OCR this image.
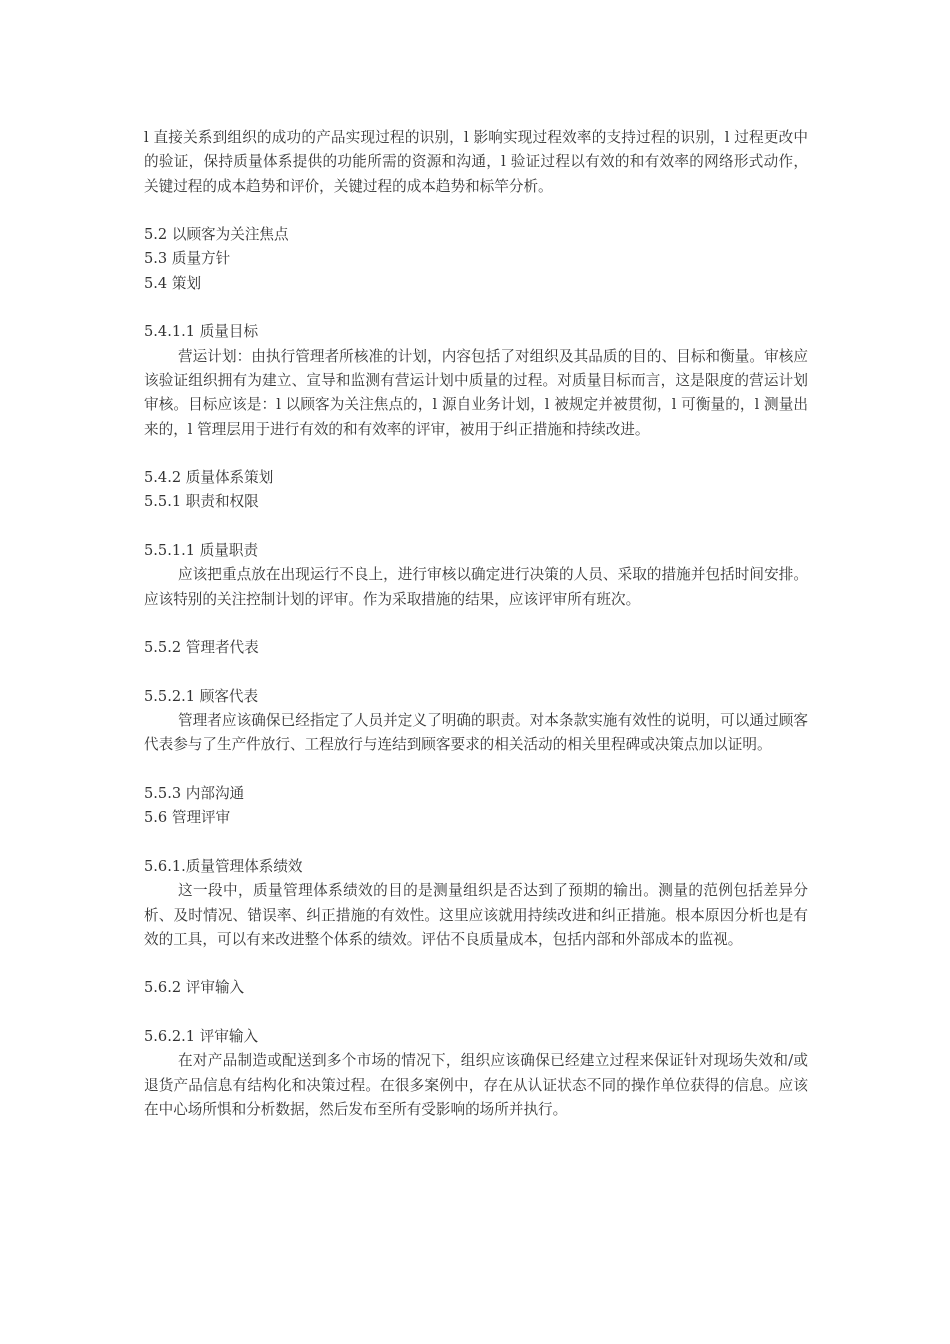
l 直接关系到组织的成功的产品实现过程的识别，l 影响实现过程效率的支持过程的识别，l 过程更改中的验证，保持质量体系提供的功能所需的资源和沟通，l 验证过程以有效的和有效率的网络形式动作，关键过程的成本趋势和评价，关键过程的成本趋势和标竿分析。

5.2 以顾客为关注焦点

5.3 质量方针

5.4 策划

5.4.1.1 质量目标

营运计划：由执行管理者所核准的计划，内容包括了对组织及其品质的目的、目标和衡量。审核应该验证组织拥有为建立、宣导和监测有营运计划中质量的过程。对质量目标而言，这是限度的营运计划审核。目标应该是：l 以顾客为关注焦点的，l 源自业务计划，l 被规定并被贯彻，l 可衡量的，l 测量出来的，l 管理层用于进行有效的和有效率的评审，被用于纠正措施和持续改进。

5.4.2 质量体系策划

5.5.1 职责和权限

5.5.1.1 质量职责

应该把重点放在出现运行不良上，进行审核以确定进行决策的人员、采取的措施并包括时间安排。应该特别的关注控制计划的评审。作为采取措施的结果，应该评审所有班次。

5.5.2 管理者代表

5.5.2.1 顾客代表

管理者应该确保已经指定了人员并定义了明确的职责。对本条款实施有效性的说明，可以通过顾客代表参与了生产件放行、工程放行与连结到顾客要求的相关活动的相关里程碑或决策点加以证明。

5.5.3 内部沟通

5.6 管理评审

5.6.1.质量管理体系绩效

这一段中，质量管理体系绩效的目的是测量组织是否达到了预期的输出。测量的范例包括差异分析、及时情况、错误率、纠正措施的有效性。这里应该就用持续改进和纠正措施。根本原因分析也是有效的工具，可以有来改进整个体系的绩效。评估不良质量成本，包括内部和外部成本的监视。

5.6.2 评审输入

5.6.2.1 评审输入

在对产品制造或配送到多个市场的情况下，组织应该确保已经建立过程来保证针对现场失效和/或退货产品信息有结构化和决策过程。在很多案例中，存在从认证状态不同的操作单位获得的信息。应该在中心场所惧和分析数据，然后发布至所有受影响的场所并执行。
